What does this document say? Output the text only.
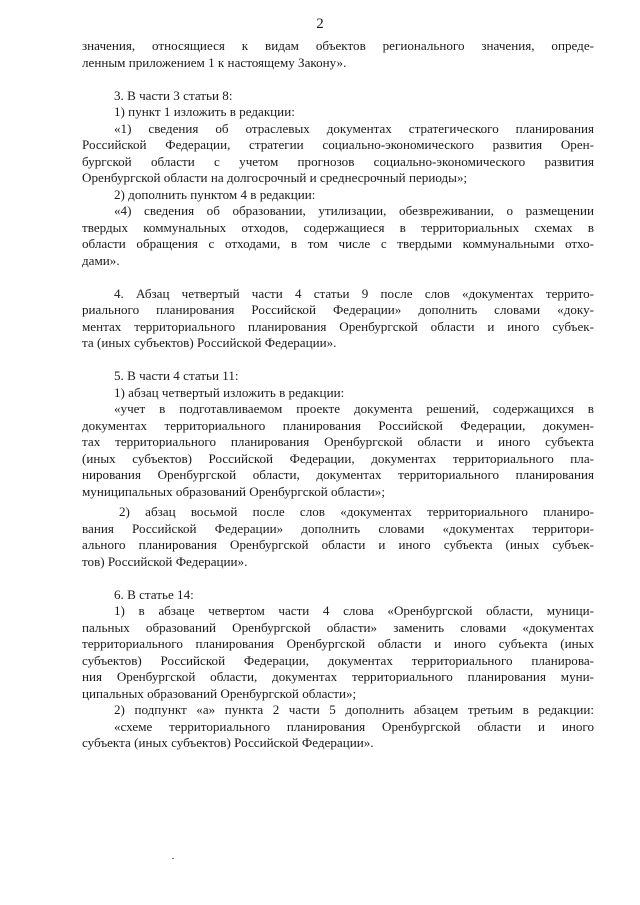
2
значения, относящиеся к видам объектов регионального значения, опреде-
ленным приложением 1 к настоящему Закону».
3. В части 3 статьи 8:
1) пункт 1 изложить в редакции:
«1) сведения об отраслевых документах стратегического планирования
Российской Федерации, стратегии социально-экономического развития Орен-
бургской области с учетом прогнозов социально-экономического развития
Оренбургской области на долгосрочный и среднесрочный периоды»;
2) дополнить пунктом 4 в редакции:
«4) сведения об образовании, утилизации, обезвреживании, о размещении
твердых коммунальных отходов, содержащиеся в территориальных схемах в
области обращения с отходами, в том числе с твердыми коммунальными отхо-
дами».
4. Абзац четвертый части 4 статьи 9 после слов «документах террито-
риального планирования Российской Федерации» дополнить словами «доку-
ментах территориального планирования Оренбургской области и иного субъек-
та (иных субъектов) Российской Федерации».
5. В части 4 статьи 11:
1) абзац четвертый изложить в редакции:
«учет в подготавливаемом проекте документа решений, содержащихся в
документах территориального планирования Российской Федерации, докумен-
тах территориального планирования Оренбургской области и иного субъекта
(иных субъектов) Российской Федерации, документах территориального пла-
нирования Оренбургской области, документах территориального планирования
муниципальных образований Оренбургской области»;
2) абзац восьмой после слов «документах территориального планиро-
вания Российской Федерации» дополнить словами «документах территори-
ального планирования Оренбургской области и иного субъекта (иных субъек-
тов) Российской Федерации».
6. В статье 14:
1) в абзаце четвертом части 4 слова «Оренбургской области, муници-
пальных образований Оренбургской области» заменить словами «документах
территориального планирования Оренбургской области и иного субъекта (иных
субъектов) Российской Федерации, документах территориального планирова-
ния Оренбургской области, документах территориального планирования муни-
ципальных образований Оренбургской области»;
2) подпункт «а» пункта 2 части 5 дополнить абзацем третьим в редакции:
«схеме территориального планирования Оренбургской области и иного
субъекта (иных субъектов) Российской Федерации».
